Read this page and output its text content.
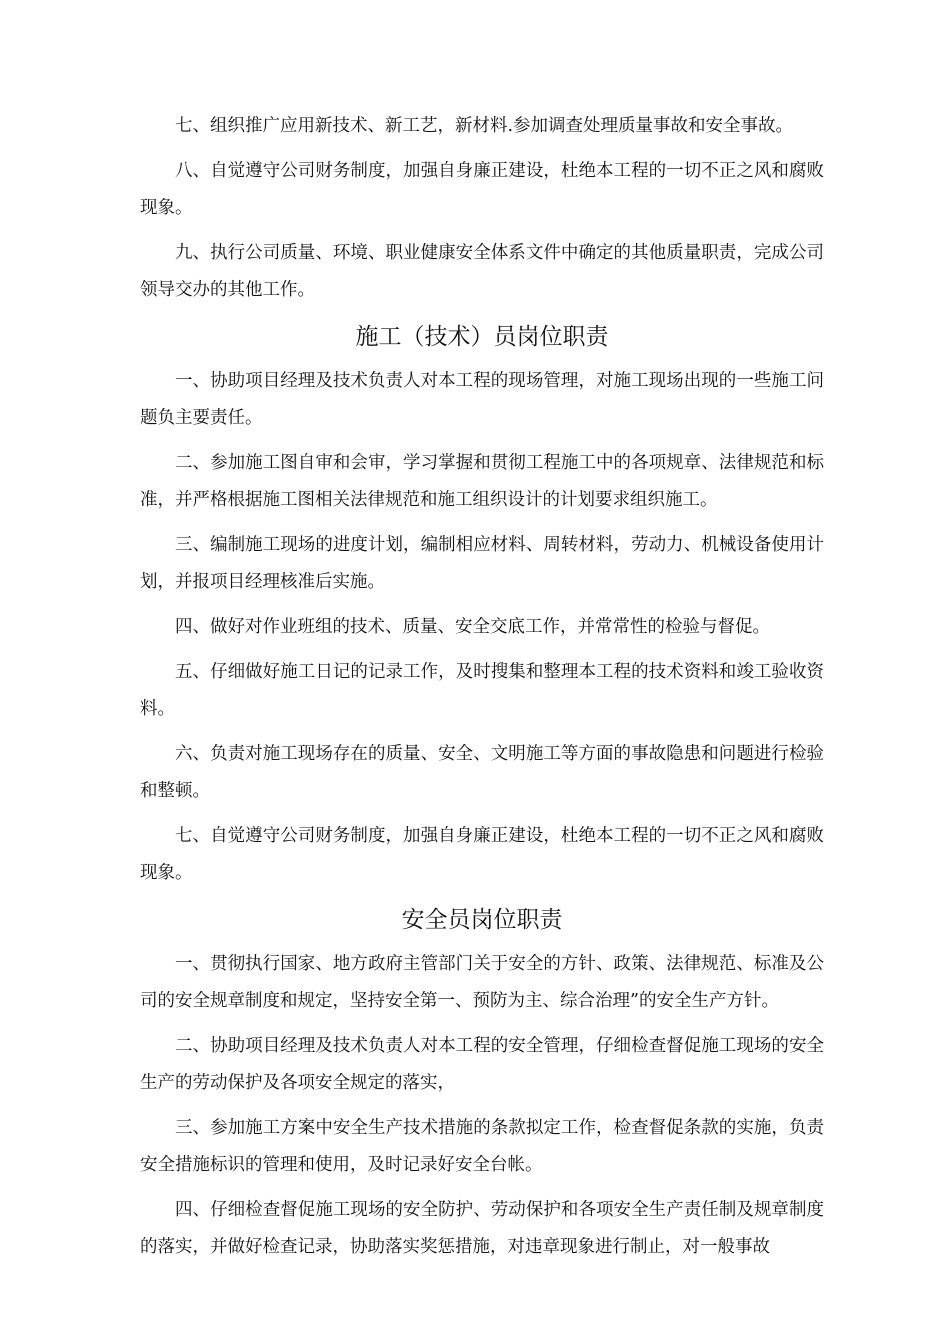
七、组织推广应用新技术、新工艺，新材料.参加调查处理质量事故和安全事故。

八、自觉遵守公司财务制度，加强自身廉正建设，杜绝本工程的一切不正之风和腐败现象。

九、执行公司质量、环境、职业健康安全体系文件中确定的其他质量职责，完成公司领导交办的其他工作。

施工（技术）员岗位职责

一、协助项目经理及技术负责人对本工程的现场管理，对施工现场出现的一些施工问题负主要责任。

二、参加施工图自审和会审，学习掌握和贯彻工程施工中的各项规章、法律规范和标准，并严格根据施工图相关法律规范和施工组织设计的计划要求组织施工。

三、编制施工现场的进度计划，编制相应材料、周转材料，劳动力、机械设备使用计划，并报项目经理核准后实施。

四、做好对作业班组的技术、质量、安全交底工作，并常常性的检验与督促。

五、仔细做好施工日记的记录工作，及时搜集和整理本工程的技术资料和竣工验收资料。

六、负责对施工现场存在的质量、安全、文明施工等方面的事故隐患和问题进行检验和整顿。

七、自觉遵守公司财务制度，加强自身廉正建设，杜绝本工程的一切不正之风和腐败现象。

安全员岗位职责

一、贯彻执行国家、地方政府主管部门关于安全的方针、政策、法律规范、标准及公司的安全规章制度和规定，坚持安全第一、预防为主、综合治理”的安全生产方针。

二、协助项目经理及技术负责人对本工程的安全管理，仔细检查督促施工现场的安全生产的劳动保护及各项安全规定的落实，

三、参加施工方案中安全生产技术措施的条款拟定工作，检查督促条款的实施，负责安全措施标识的管理和使用，及时记录好安全台帐。

四、仔细检查督促施工现场的安全防护、劳动保护和各项安全生产责任制及规章制度的落实，并做好检查记录，协助落实奖惩措施，对违章现象进行制止，对一般事故
